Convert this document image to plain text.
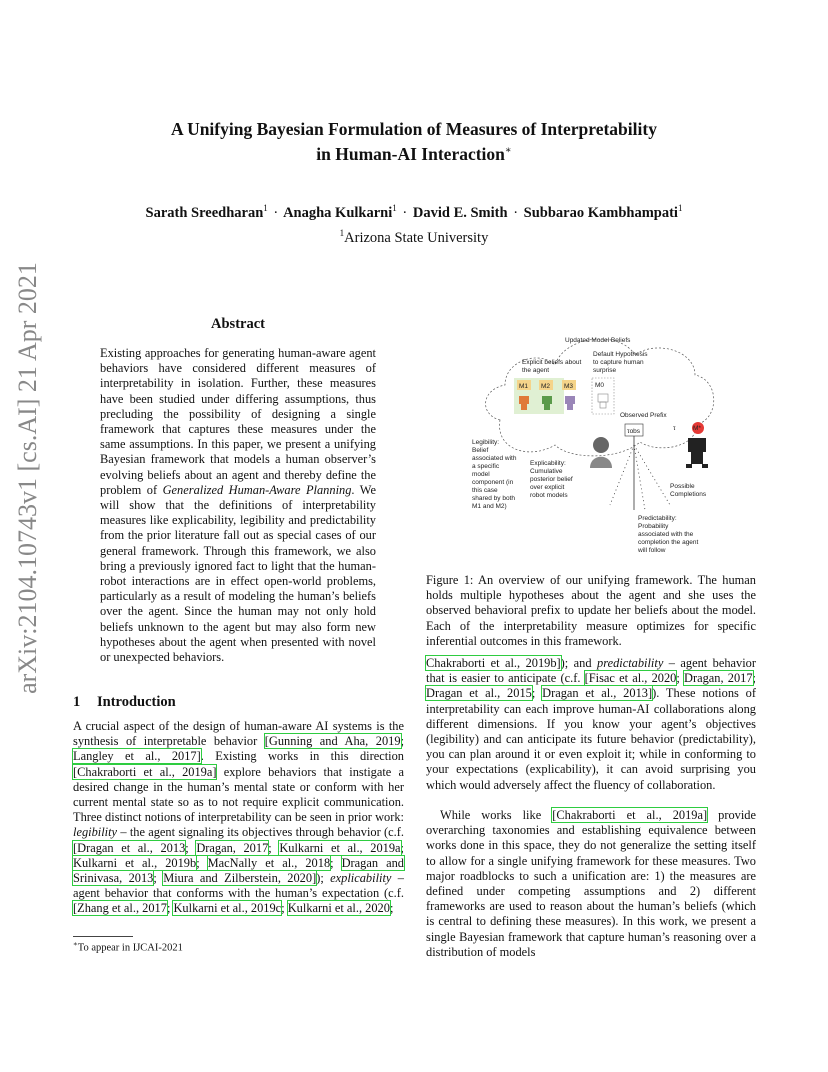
A Unifying Bayesian Formulation of Measures of Interpretability
in Human-AI Interaction∗
Sarath Sreedharan$^1$ · Anagha Kulkarni$^1$ · David E. Smith · Subbarao Kambhampati$^1$
$^1$Arizona State University
arXiv:2104.10743v1 [cs.AI] 21 Apr 2021	Abstract
Existing approaches for generating human-aware agent behaviors have considered different measures of interpretability in isolation. Further, these measures have been studied under differing assumptions, thus precluding the possibility of designing a single framework that captures these measures under the same assumptions. In this paper, we present a unifying Bayesian framework that models a human observer’s evolving beliefs about an agent and thereby define the problem of Generalized Human-Aware Planning. We will show that the definitions of interpretability measures like explicability, legibility and predictability from the prior literature fall out as special cases of our general framework. Through this framework, we also bring a previously ignored fact to light that the human-robot interactions are in effect open-world problems, particularly as a result of modeling the human’s beliefs over the agent. Since the human may not only hold beliefs unknown to the agent but may also form new hypotheses about the agent when presented with novel or unexpected behaviors.
1 Introduction
A crucial aspect of the design of human-aware AI systems is the synthesis of interpretable behavior [Gunning and Aha, 2019; Langley et al., 2017]. Existing works in this direction [Chakraborti et al., 2019a] explore behaviors that instigate a desired change in the human’s mental state or conform with her current mental state so as to not require explicit communication. Three distinct notions of interpretability can be seen in prior work: legibility – the agent signaling its objectives through behavior (c.f. [Dragan et al., 2013; Dragan, 2017; Kulkarni et al., 2019a; Kulkarni et al., 2019b; MacNally et al., 2018; Dragan and Srinivasa, 2013; Miura and Zilberstein, 2020]); explicability – agent behavior that conforms with the human’s expectation (c.f. [Zhang et al., 2017; Kulkarni et al., 2019c; Kulkarni et al., 2020;
∗To appear in IJCAI-2021
Updated Model Beliefs
Explicit beliefs about
the agent
Default Hypothesis
to capture human
surprise
M1 M2 M3	M0
Observed Prefix
τ	M*
τobs
Legibility:
Belief
associated with
a specific
model
component (in
this case
shared by both
M1 and M2)
Explicability:
Cumulative
posterior belief
over explicit
robot models
Possible
Completions
Predictability:
Probability
associated with the
completion the agent
will follow
Figure 1: An overview of our unifying framework. The human holds multiple hypotheses about the agent and she uses the observed behavioral prefix to update her beliefs about the model. Each of the interpretability measure optimizes for specific inferential outcomes in this framework.
Chakraborti et al., 2019b]); and predictability – agent behavior that is easier to anticipate (c.f. [Fisac et al., 2020; Dragan, 2017; Dragan et al., 2015; Dragan et al., 2013]). These notions of interpretability can each improve human-AI collaborations along different dimensions. If you know your agent’s objectives (legibility) and can anticipate its future behavior (predictability), you can plan around it or even exploit it; while in conforming to your expectations (explicability), it can avoid surprising you which would adversely affect the fluency of collaboration.
While works like [Chakraborti et al., 2019a] provide overarching taxonomies and establishing equivalence between works done in this space, they do not generalize the setting itself to allow for a single unifying framework for these measures. Two major roadblocks to such a unification are: 1) the measures are defined under competing assumptions and 2) different frameworks are used to reason about the human’s beliefs (which is central to defining these measures). In this work, we present a single Bayesian framework that capture human’s reasoning over a distribution of models
